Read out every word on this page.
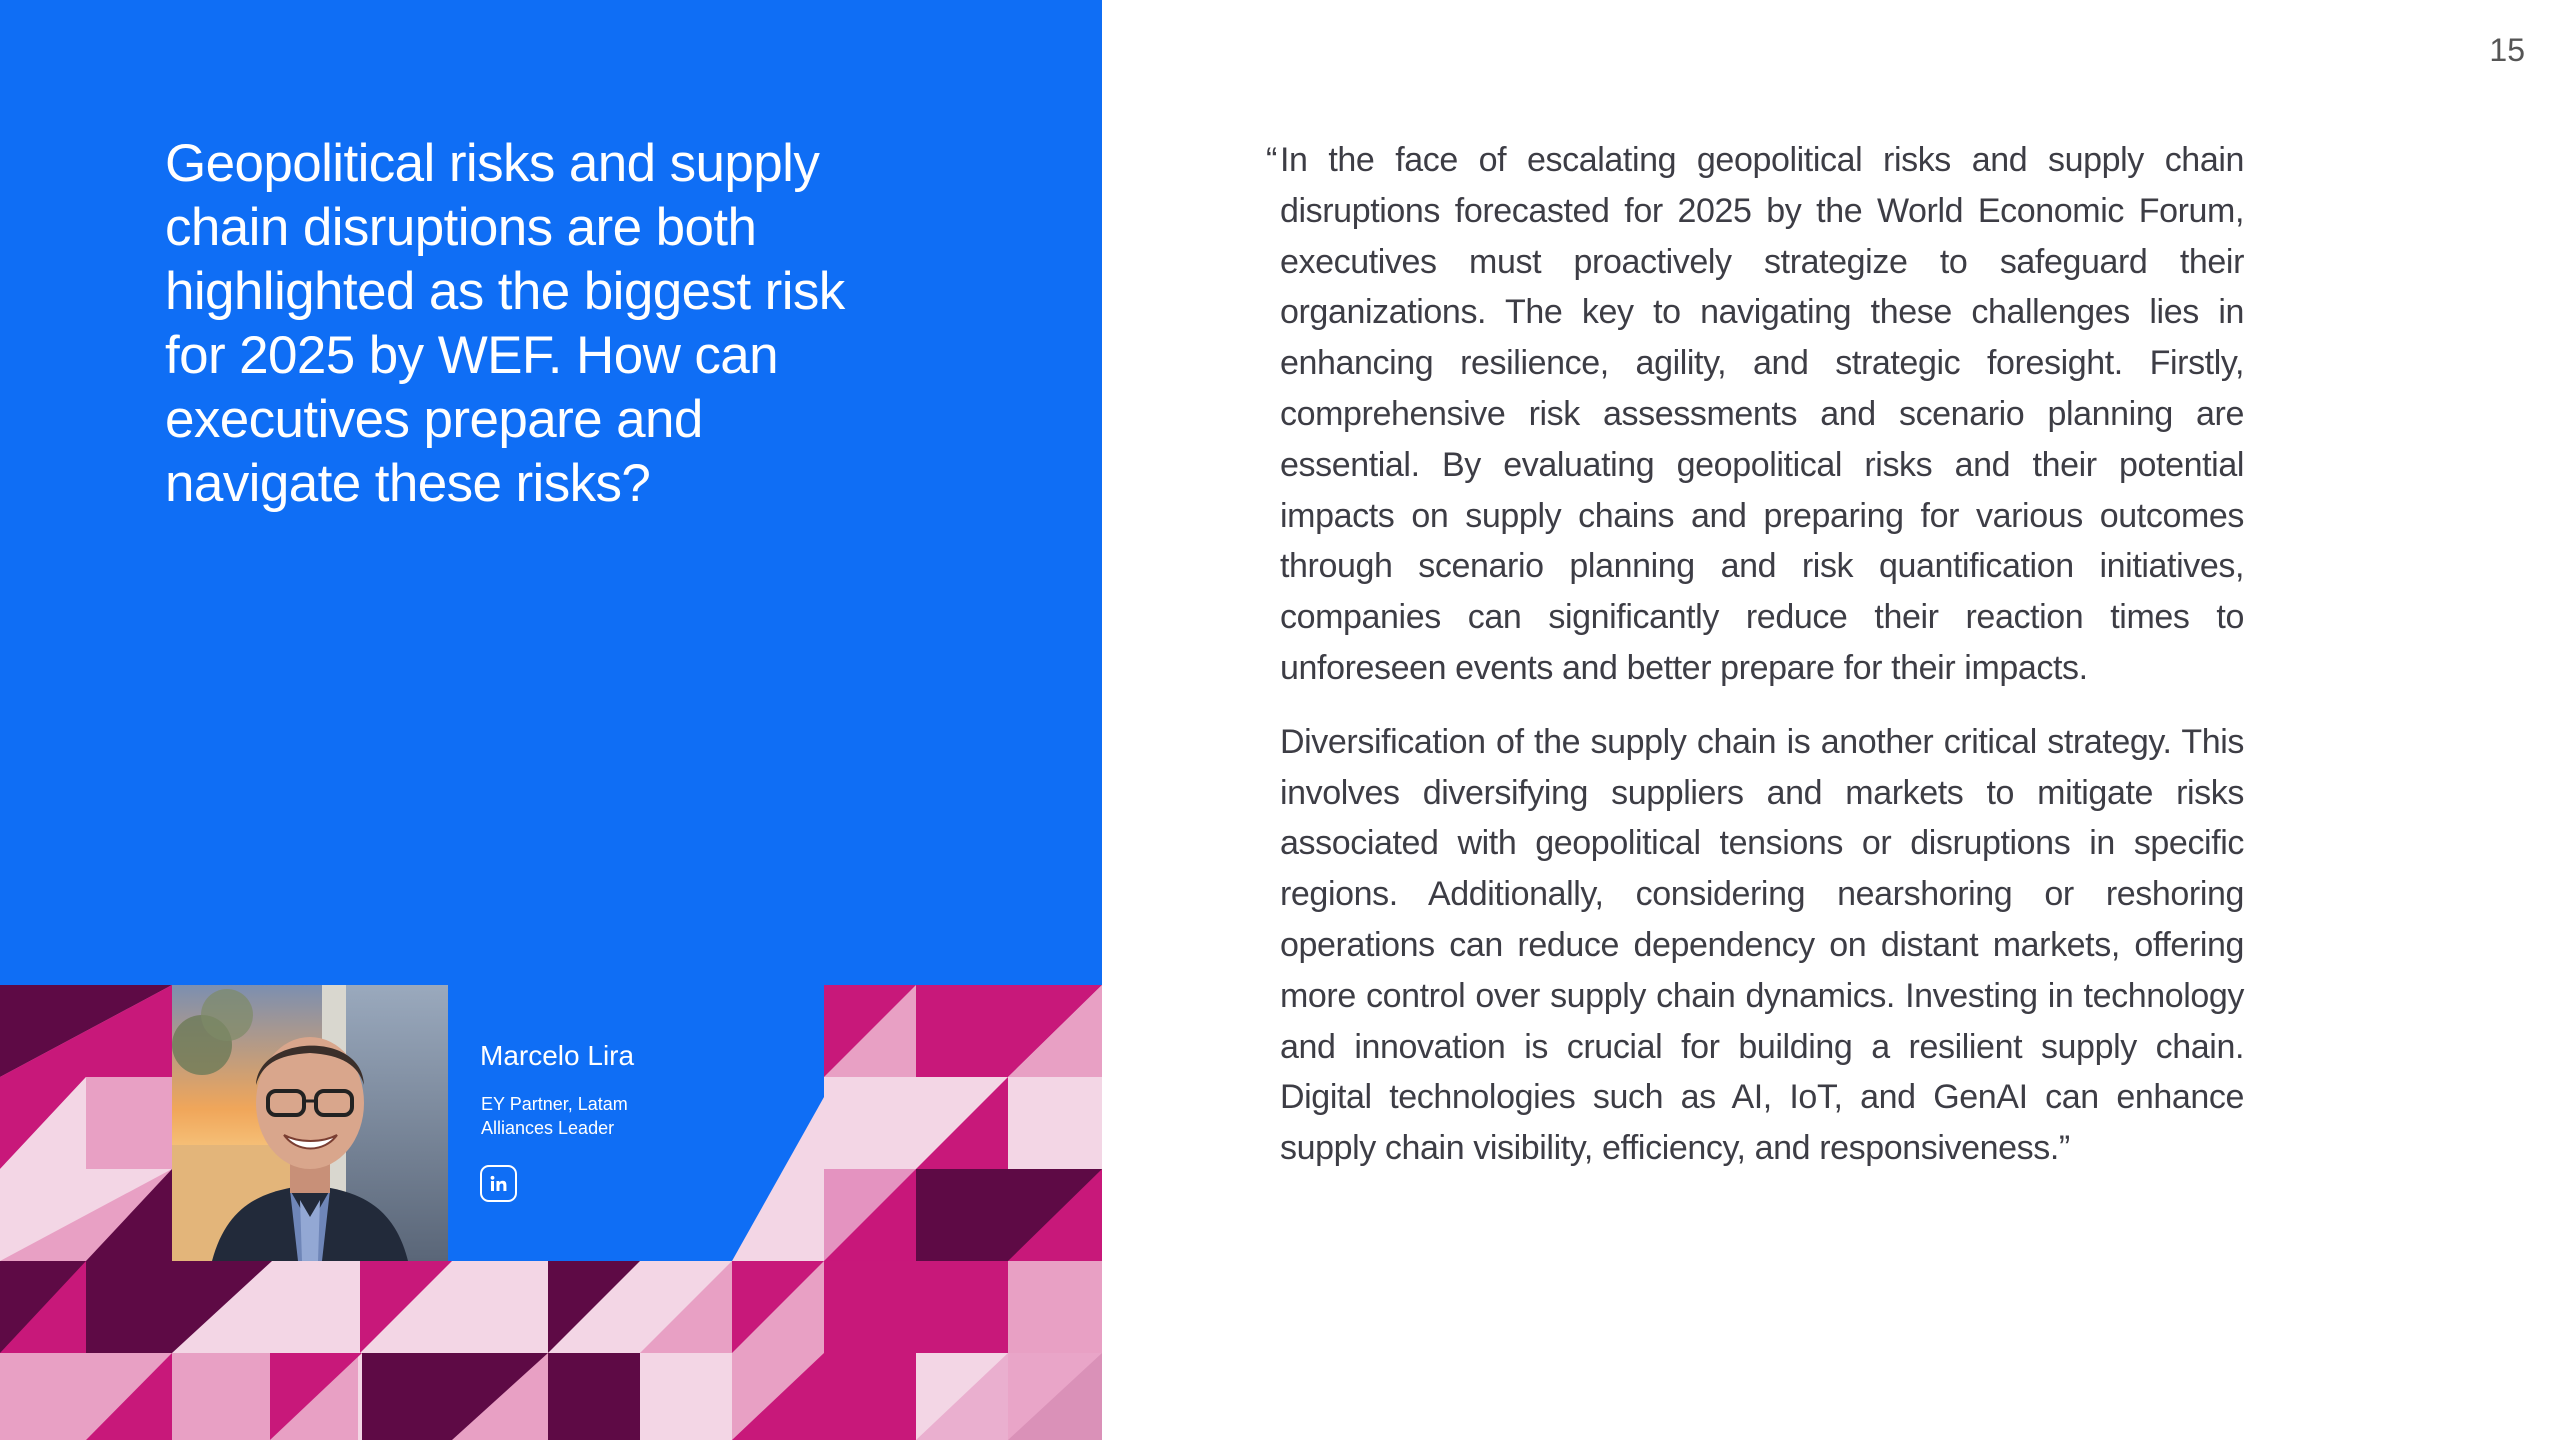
Geopolitical risks and supply chain disruptions are both highlighted as the biggest risk for 2025 by WEF. How can executives prepare and navigate these risks?
Marcelo Lira
EY Partner, Latam Alliances Leader
15
“ In the face of escalating geopolitical risks and supply chain disruptions forecasted for 2025 by the World Economic Forum, executives must proactively strategize to safeguard their organizations. The key to navigating these challenges lies in enhancing resilience, agility, and strategic foresight. Firstly, comprehensive risk assessments and scenario planning are essential. By evaluating geopolitical risks and their potential impacts on supply chains and preparing for various outcomes through scenario planning and risk quantification initiatives, companies can significantly reduce their reaction times to unforeseen events and better prepare for their impacts.

Diversification of the supply chain is another critical strategy. This involves diversifying suppliers and markets to mitigate risks associated with geopolitical tensions or disruptions in specific regions. Additionally, considering nearshoring or reshoring operations can reduce dependency on distant markets, offering more control over supply chain dynamics. Investing in technology and innovation is crucial for building a resilient supply chain. Digital technologies such as AI, IoT, and GenAI can enhance supply chain visibility, efficiency, and responsiveness.”
